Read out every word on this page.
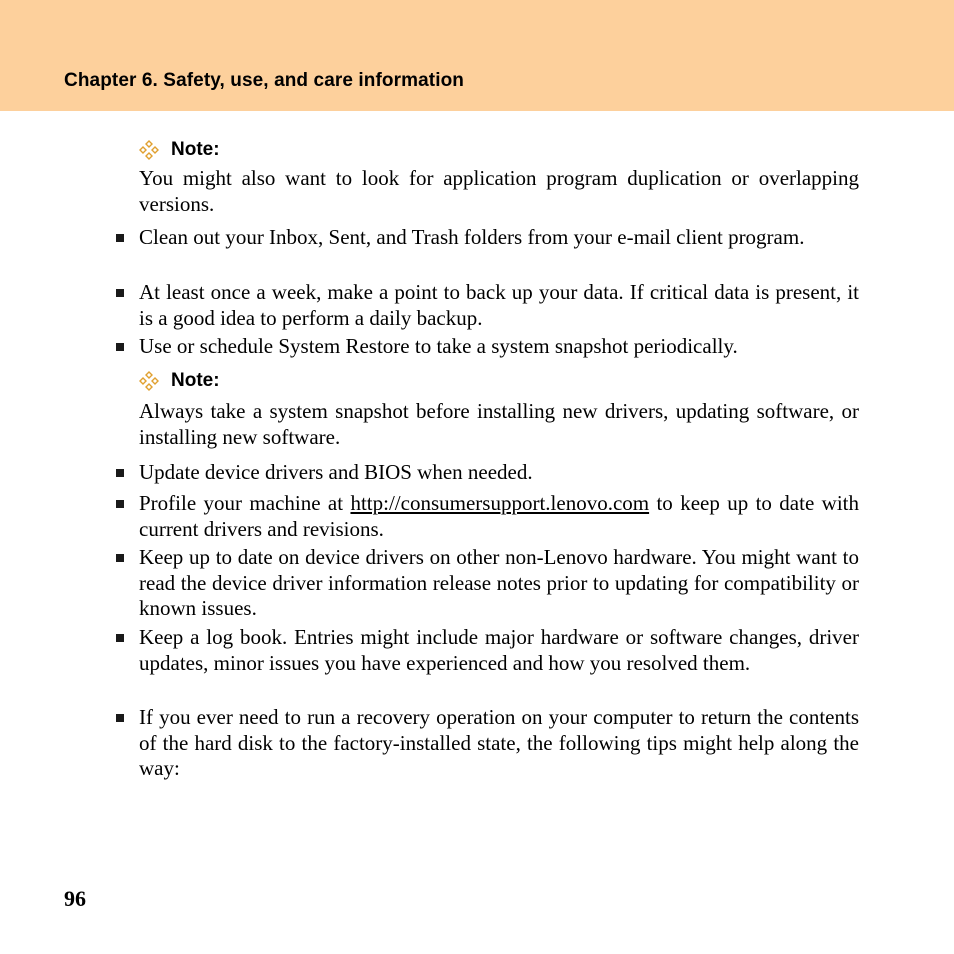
Chapter 6. Safety, use, and care information
Note:
You might also want to look for application program duplication or overlapping versions.
Clean out your Inbox, Sent, and Trash folders from your e-mail client program.
At least once a week, make a point to back up your data. If critical data is present, it is a good idea to perform a daily backup.
Use or schedule System Restore to take a system snapshot periodically.
Note:
Always take a system snapshot before installing new drivers, updating software, or installing new software.
Update device drivers and BIOS when needed.
Profile your machine at http://consumersupport.lenovo.com to keep up to date with current drivers and revisions.
Keep up to date on device drivers on other non-Lenovo hardware. You might want to read the device driver information release notes prior to updating for compatibility or known issues.
Keep a log book. Entries might include major hardware or software changes, driver updates, minor issues you have experienced and how you resolved them.
If you ever need to run a recovery operation on your computer to return the contents of the hard disk to the factory-installed state, the following tips might help along the way:
96
